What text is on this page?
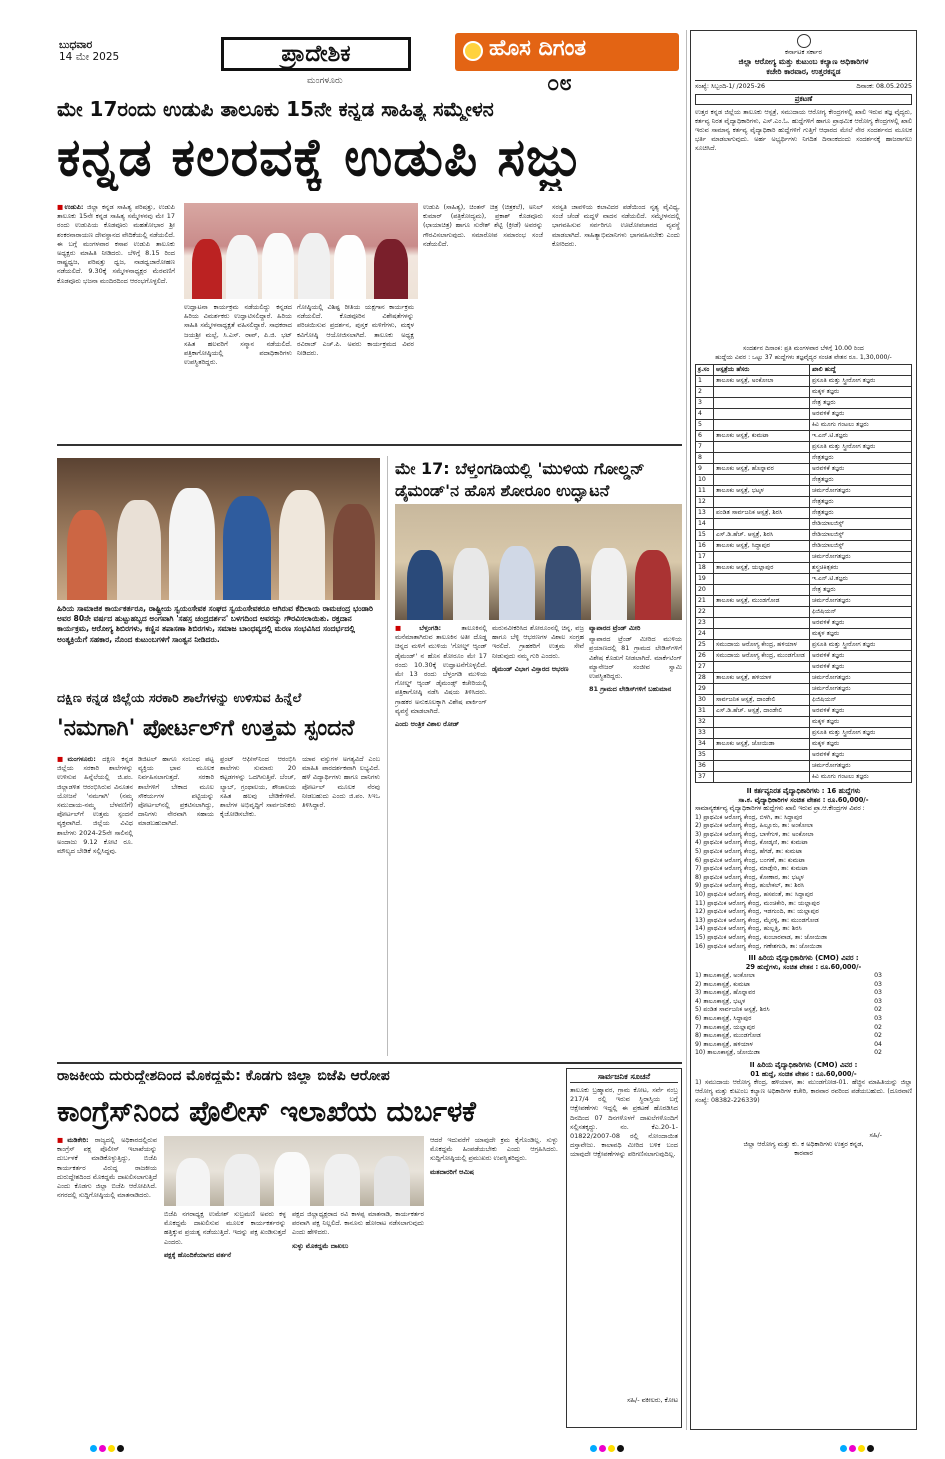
ಬುಧವಾರ
14 ಮೇ 2025	ಪ್ರಾದೇಶಿಕ
ಮಂಗಳೂರು
ಹೊಸ ದಿಗಂತ
೦೮
ಮೇ 17ರಂದು ಉಡುಪಿ ತಾಲೂಕು 15ನೇ ಕನ್ನಡ ಸಾಹಿತ್ಯ ಸಮ್ಮೇಳನ
ಕನ್ನಡ ಕಲರವಕ್ಕೆ ಉಡುಪಿ ಸಜ್ಜು
■ಉಡುಪಿ: ಜಿಲ್ಲಾ ಕನ್ನಡ ಸಾಹಿತ್ಯ ಪರಿಷತ್ತು, ಉಡುಪಿ ತಾಲೂಕು 15ನೇ ಕನ್ನಡ ಸಾಹಿತ್ಯ ಸಮ್ಮೇಳನವು ಮೇ 17 ರಂದು ಉಡುಪಿಯ ಕೊಡವೂರು ಮಹತೋಭಾರ ಶ್ರೀ ಶಂಕರನಾರಾಯಣ ದೇವಸ್ಥಾನದ ವೇದಿಕೆಯಲ್ಲಿ ನಡೆಯಲಿದೆ. ಈ ಬಗ್ಗೆ ಮಂಗಳವಾರ ಕಸಾಪ ಉಡುಪಿ ತಾಲೂಕು ಅಧ್ಯಕ್ಷರು ಮಾಹಿತಿ ನೀಡಿದರು. ಬೆಳಿಗ್ಗೆ 8.15 ರಿಂದ ರಾಷ್ಟ್ರಧ್ವಜ, ಪರಿಷತ್ತು ಧ್ವಜ, ನಾಡಧ್ವಜಾರೋಹಣ ನಡೆಯಲಿದೆ. 9.30ಕ್ಕೆ ಸಮ್ಮೇಳನಾಧ್ಯಕ್ಷರ ಮೆರವಣಿಗೆ ಕೊಡವೂರು ಭಜನಾ ಮಂದಿರದಿಂದ ಆರಂಭಗೊಳ್ಳಲಿದೆ.
ಉದ್ಘಾಟನಾ ಕಾರ್ಯಕ್ರಮ ನಡೆಯಲಿದ್ದು ಕನ್ನಡದ ಹಿರಿಯ ವಿಮರ್ಶಕರು ಉದ್ಘಾಟಿಸಲಿದ್ದಾರೆ. ಹಿರಿಯ ಸಾಹಿತಿ ಸಮ್ಮೇಳನಾಧ್ಯಕ್ಷತೆ ವಹಿಸಲಿದ್ದಾರೆ. ಸಾಧಕರಾದ ಜಯಶ್ರೀ ಮಲ್ಪೆ, ಸಿ.ಎಸ್. ರಾವ್, ಪಿ.ಜಿ. ಭಟ್ ಸಹಿತ ಹಲವರಿಗೆ ಸನ್ಮಾನ ನಡೆಯಲಿದೆ. ಪತ್ರಿಕಾಗೋಷ್ಠಿಯಲ್ಲಿ ಪದಾಧಿಕಾರಿಗಳು ಉಪಸ್ಥಿತರಿದ್ದರು.
ಗೋಷ್ಠಿಯಲ್ಲಿ ವಿಶಿಷ್ಟ ರೀತಿಯ ಯಕ್ಷಗಾನ ಕಾರ್ಯಕ್ರಮ ನಡೆಯಲಿದೆ. ಕೊಡವೂರಿನ ವಿಶೇಷತೆಗಳನ್ನು ಪರಿಚಯಿಸುವ ಪ್ರದರ್ಶನ, ಪುಸ್ತಕ ಮಳಿಗೆಗಳು, ಮಕ್ಕಳ ಕವಿಗೋಷ್ಠಿ ಆಯೋಜಿಸಲಾಗಿದೆ. ತಾಲೂಕು ಅಧ್ಯಕ್ಷ ರವಿರಾಜ್ ಎಚ್.ಪಿ. ಅವರು ಕಾರ್ಯಕ್ರಮದ ವಿವರ ನೀಡಿದರು.
ಉಡುಪಿ (ಸಾಹಿತ್ಯ), ಚಿಂತನ್ ಚಿತ್ರ (ಚಿತ್ರಕಲೆ), ಅನಿಲ್ ಕುಮಾರ್ (ಪತ್ರಿಕೋದ್ಯಮ), ಪ್ರಕಾಶ್ ಕೊಡವೂರು (ಛಾಯಾಚಿತ್ರ) ಹಾಗೂ ಸುರೇಶ್ ಶೆಟ್ಟಿ (ಕ್ರೀಡೆ) ಅವರನ್ನು ಗೌರವಿಸಲಾಗುವುದು. ಸಮಾರೋಪ ಸಮಾರಂಭ ಸಂಜೆ ನಡೆಯಲಿದೆ.
ಸರಸ್ವತಿ ಜಾವಳಿಯ ಕಲಾವಿದರ ಪಡೆಯಿಂದ ನೃತ್ಯ ವೈವಿಧ್ಯ, ಸಂಜೆ ಚೆಂಡೆ ಮದ್ದಳೆ ವಾದನ ನಡೆಯಲಿದೆ. ಸಮ್ಮೇಳನದಲ್ಲಿ ಭಾಗವಹಿಸುವ ಸರ್ವರಿಗೂ ಊಟೋಪಚಾರದ ವ್ಯವಸ್ಥೆ ಮಾಡಲಾಗಿದೆ. ಸಾಹಿತ್ಯಾಭಿಮಾನಿಗಳು ಭಾಗವಹಿಸಬೇಕು ಎಂದು ಕೋರಿದರು.
ಹಿರಿಯ ಸಾಮಾಜಿಕ ಕಾರ್ಯಕರ್ತರೂ, ರಾಷ್ಟ್ರೀಯ ಸ್ವಯಂಸೇವಕ ಸಂಘದ ಸ್ವಯಂಸೇವಕರೂ ಆಗಿರುವ ಕೆದಿಲಾಯ ರಾಮಚಂದ್ರ ಭಂಡಾರಿ ಅವರ 80ನೇ ವರ್ಷದ ಹುಟ್ಟುಹಬ್ಬದ ಅಂಗವಾಗಿ 'ಸಹಸ್ರ ಚಂದ್ರದರ್ಶನ' ಬಳಗದಿಂದ ಅವರನ್ನು ಗೌರವಿಸಲಾಯಿತು. ರಕ್ತದಾನ ಕಾರ್ಯಕ್ರಮ, ಆರೋಗ್ಯ ಶಿಬಿರಗಳು, ಕಣ್ಣಿನ ತಪಾಸಣಾ ಶಿಬಿರಗಳು, ಸಮಾಜ ಬಾಂಧವ್ಯದಲ್ಲಿ ಮರಣ ಸಂಭವಿಸಿದ ಸಂದರ್ಭದಲ್ಲಿ ಅಂತ್ಯಕ್ರಿಯೆಗೆ ಸಹಕಾರ, ನೊಂದ ಕುಟುಂಬಗಳಿಗೆ ಸಾಂತ್ವನ ನೀಡಿದರು.
ಮೇ 17: ಬೆಳ್ತಂಗಡಿಯಲ್ಲಿ 'ಮುಳಿಯ ಗೋಲ್ಡನ್ ಡೈಮಂಡ್'ನ ಹೊಸ ಶೋರೂಂ ಉದ್ಘಾಟನೆ
■ಬೆಳ್ತಂಗಡಿ:	ತಾಲೂಕಿನಲ್ಲಿ ಮನೆಮಾತಾಗಿರುವ ತಾಲೂಕಿನ ಅತೀ ದೊಡ್ಡ ಚಿನ್ನದ ಮಳಿಗೆ ಮುಳಿಯ 'ಗೋಲ್ಡ್ ಆ್ಯಂಡ್ ಡೈಮಂಡ್' ನ ಹೊಸ ಶೋರೂಂ ಮೇ 17 ರಂದು 10.30ಕ್ಕೆ ಉದ್ಘಾಟನೆಗೊಳ್ಳಲಿದೆ. ಮೇ 13 ರಂದು ಬೆಳ್ತಂಗಡಿ ಮುಳಿಯ ಗೋಲ್ಡ್ ಆ್ಯಂಡ್ ಡೈಮಂಡ್ಸ್ ಕಚೇರಿಯಲ್ಲಿ ಪತ್ರಿಕಾಗೋಷ್ಠಿ ನಡೆಸಿ ವಿಷಯ ತಿಳಿಸಿದರು. ಗ್ರಾಹಕರ ಅನುಕೂಲಕ್ಕಾಗಿ ವಿಶೇಷ ಪಾರ್ಕಿಂಗ್ ವ್ಯವಸ್ಥೆ ಮಾಡಲಾಗಿದೆ.

ಎಂದು ಆಂತ್ರಿಕ ವಿಶಾಲ ರೋಡ್

ಮರುನವೀಕರಿಸಿದ ಶೋರೂಂನಲ್ಲಿ ಚಿನ್ನ, ವಜ್ರ ಹಾಗೂ ಬೆಳ್ಳಿ ಆಭರಣಗಳ ವಿಶಾಲ ಸಂಗ್ರಹ ಇರಲಿದೆ. ಗ್ರಾಹಕರಿಗೆ ಉತ್ತಮ ಸೇವೆ ನೀಡುವುದು ನಮ್ಮ ಗುರಿ ಎಂದರು.

ಡೈಮಂಡ್ ವಿಭಾಗ ವಿಸ್ತಾರದ ಆಭರಣ

ವ್ಯಾಪಾರದ ಟ್ರೆಂಡ್ ಮೀರಿ

ವ್ಯಾಪಾರದ ಟ್ರೆಂಡ್ ಮೀರಿದ ಮುಳಿಯ ಪ್ರಯಾಣದಲ್ಲಿ 81 ಗ್ರಾಮದ ಲೇಡಿಸ್‌ಗಳಿಗೆ ವಿಶೇಷ ಕೊಡುಗೆ ನೀಡಲಾಗಿದೆ. ಮಾರ್ಕೆಟಿಂಗ್ ಮ್ಯಾನೇಜರ್ ಸಂಜೀವ ಸ್ವಾಮಿ ಉಪಸ್ಥಿತರಿದ್ದರು.

81 ಗ್ರಾಮದ ಲೇಡಿಸ್‌ಗಳಿಗೆ ಬಹುಮಾನ

ದಕ್ಷಿಣ ಕನ್ನಡ ಜಿಲ್ಲೆಯ ಸರಕಾರಿ ಶಾಲೆಗಳನ್ನು ಉಳಿಸುವ ಹಿನ್ನೆಲೆ
'ನಮಗಾಗಿ' ಪೋರ್ಟಲ್‌ಗೆ ಉತ್ತಮ ಸ್ಪಂದನೆ
■ಮಂಗಳೂರು: ದಕ್ಷಿಣ ಕನ್ನಡ ಜಿಲ್ಲೆಯ ಸರಕಾರಿ ಶಾಲೆಗಳನ್ನು ಉಳಿಸುವ ಹಿನ್ನೆಲೆಯಲ್ಲಿ ಜಿ.ಪಂ. ಜಿಲ್ಲಾಡಳಿತ ಆರಂಭಿಸಿರುವ ವಿನೂತನ ಯೋಜನೆ 'ನಮಗಾಗಿ' (ನಮ್ಮ ಸಮುದಾಯ-ನಮ್ಮ ಬೆಳವಣಿಗೆ) ಪೋರ್ಟಲ್‌ಗೆ ಉತ್ತಮ ಸ್ಪಂದನೆ ವ್ಯಕ್ತವಾಗಿದೆ. ಜಿಲ್ಲೆಯ ವಿವಿಧ ಶಾಲೆಗಳು 2024-25ನೇ ಸಾಲಿನಲ್ಲಿ ಅಂದಾಜು 9.12 ಕೋಟಿ ರೂ. ಮೌಲ್ಯದ ಬೇಡಿಕೆ ಸಲ್ಲಿಸಿದ್ದವು.
ಡಿಜಿಟಲ್ ಹಾಗೂ ಸಂಬಂಧ ಪಟ್ಟ ವ್ಯಕ್ತಿಯ ಭಾವ ಮೂಲಕ ನಿರ್ವಹಿಸಲಾಗುತ್ತದೆ. ಸರಕಾರಿ ಶಾಲೆಗಳಿಗೆ ಬೇಕಾದ ಮೂಲ ಸೌಕರ್ಯಗಳ ಪಟ್ಟಿಯನ್ನು ಪೋರ್ಟಲ್‌ನಲ್ಲಿ ಪ್ರಕಟಿಸಲಾಗಿದ್ದು, ದಾನಿಗಳು ನೇರವಾಗಿ ಸಹಾಯ ಮಾಡಬಹುದಾಗಿದೆ.
ಫ್ರಂಟ್ ಆಫೀಸ್‌ನಿಂದ ಆರಂಭಿಸಿ ಶಾಲೆಗಳು ಸುಮಾರು 20 ಕಟ್ಟಡಗಳನ್ನು ಒದಗಿಸುತ್ತಿವೆ. ಬೆಂಚ್, ಲ್ಯಾಬ್, ಗ್ರಂಥಾಲಯ, ಶೌಚಾಲಯ ಸಹಿತ ಹಲವು ಬೇಡಿಕೆಗಳಿವೆ. ಶಾಲೆಗಳ ಅಭಿವೃದ್ಧಿಗೆ ಸಾರ್ವಜನಿಕರು ಕೈಜೋಡಿಸಬೇಕು.
ಯಾವ ವಸ್ತುಗಳ ಅಗತ್ಯವಿದೆ ಎಂಬ ಮಾಹಿತಿ ಪಾರದರ್ಶಕವಾಗಿ ಲಭ್ಯವಿದೆ. ಹಳೆ ವಿದ್ಯಾರ್ಥಿಗಳು ಹಾಗೂ ದಾನಿಗಳು ಪೋರ್ಟಲ್ ಮೂಲಕ ನೆರವು ನೀಡಬಹುದು ಎಂದು ಜಿ.ಪಂ. ಸಿಇಒ ತಿಳಿಸಿದ್ದಾರೆ.
ರಾಜಕೀಯ ದುರುದ್ದೇಶದಿಂದ ಮೊಕದ್ದಮೆ: ಕೊಡಗು ಜಿಲ್ಲಾ ಬಿಜೆಪಿ ಆರೋಪ
ಕಾಂಗ್ರೆಸ್‌ನಿಂದ ಪೊಲೀಸ್ ಇಲಾಖೆಯ ದುರ್ಬಳಕೆ
■ಮಡಿಕೇರಿ: ರಾಜ್ಯದಲ್ಲಿ ಅಧಿಕಾರದಲ್ಲಿರುವ ಕಾಂಗ್ರೆಸ್ ಪಕ್ಷ ಪೊಲೀಸ್ ಇಲಾಖೆಯನ್ನು ದುರ್ಬಳಕೆ ಮಾಡಿಕೊಳ್ಳುತ್ತಿದ್ದು, ಬಿಜೆಪಿ ಕಾರ್ಯಕರ್ತರ ವಿರುದ್ಧ ರಾಜಕೀಯ ದುರುದ್ದೇಶದಿಂದ ಮೊಕದ್ದಮೆ ದಾಖಲಿಸಲಾಗುತ್ತಿದೆ ಎಂದು ಕೊಡಗು ಜಿಲ್ಲಾ ಬಿಜೆಪಿ ಆರೋಪಿಸಿದೆ. ನಗರದಲ್ಲಿ ಸುದ್ದಿಗೋಷ್ಠಿಯಲ್ಲಿ ಮಾತನಾಡಿದರು.
ಬಿಜೆಪಿ ನಗರಾಧ್ಯಕ್ಷ ಉಮೇಶ್ ಸುಬ್ರಮಣಿ ಅವರು ಕಳ್ಳ ಮೊಕದ್ದಮೆ ದಾಖಲಿಸುವ ಮೂಲಕ ಕಾರ್ಯಕರ್ತರನ್ನು ಹತ್ತಿಕ್ಕುವ ಪ್ರಯತ್ನ ನಡೆಯುತ್ತಿದೆ. ಇದನ್ನು ಪಕ್ಷ ಖಂಡಿಸುತ್ತದೆ ಎಂದರು.

ಪಕ್ಷಕ್ಕೆ ಹೊಂದಿಕೆಯಾಗದ ವರ್ತನೆ

ಪಕ್ಷದ ಜಿಲ್ಲಾಧ್ಯಕ್ಷರಾದ ರವಿ ಕಾಳಪ್ಪ ಮಾತನಾಡಿ, ಕಾರ್ಯಕರ್ತರ ಪರವಾಗಿ ಪಕ್ಷ ನಿಲ್ಲಲಿದೆ. ಕಾನೂನು ಹೋರಾಟ ನಡೆಸಲಾಗುವುದು ಎಂದು ಹೇಳಿದರು.

ಸುಳ್ಳು ಮೊಕದ್ದಮೆ ದಾಖಲು

ಆದರೆ ಇದುವರೆಗೆ ಯಾವುದೇ ಕ್ರಮ ಕೈಗೊಂಡಿಲ್ಲ. ಸುಳ್ಳು ಮೊಕದ್ದಮೆ ಹಿಂಪಡೆಯಬೇಕು ಎಂದು ಆಗ್ರಹಿಸಿದರು. ಸುದ್ದಿಗೋಷ್ಠಿಯಲ್ಲಿ ಪ್ರಮುಖರು ಉಪಸ್ಥಿತರಿದ್ದರು.

ಮತದಾರರಿಗೆ ಆಮಿಷ

ಸಾರ್ವಜನಿಕ ಸೂಚನೆ
ತಾಲೂಕು ಬ್ರಹ್ಮಾವರ, ಗ್ರಾಮ ಕೋಟ, ಸರ್ವೆ ನಂಬ್ರ 217/4 ರಲ್ಲಿ ಇರುವ ಸ್ಥಿರಾಸ್ತಿಯ ಬಗ್ಗೆ ಆಕ್ಷೇಪಣೆಗಳು ಇದ್ದಲ್ಲಿ ಈ ಪ್ರಕಟಣೆ ಹೊರಡಿಸಿದ ದಿನದಿಂದ 07 ದಿನಗಳೊಳಗೆ ದಾಖಲೆಗಳೊಂದಿಗೆ ಸಲ್ಲಿಸತಕ್ಕದ್ದು. ನಂ. ಕೆಎ.20-1-01822/2007-08 ರಲ್ಲಿ ನೋಂದಾಯಿತ ದಸ್ತಾವೇಜು. ಕಾಲಾವಧಿ ಮೀರಿದ ಬಳಿಕ ಬಂದ ಯಾವುದೇ ಆಕ್ಷೇಪಣೆಗಳನ್ನು ಪರಿಗಣಿಸಲಾಗುವುದಿಲ್ಲ.
ಸಹಿ/- ವಕೀಲರು, ಕೋಟ
ಕರ್ನಾಟಕ ಸರ್ಕಾರ
ಜಿಲ್ಲಾ ಆರೋಗ್ಯ ಮತ್ತು ಕುಟುಂಬ ಕಲ್ಯಾಣ ಅಧಿಕಾರಿಗಳ
ಕಚೇರಿ ಕಾರವಾರ, ಉತ್ತರಕನ್ನಡ
ಸಂಖ್ಯೆ: ಸಿಬ್ಬಂದಿ-1/ /2025-26	ದಿನಾಂಕ: 08.05.2025
ಪ್ರಕಟಣೆ
ಉತ್ತರ ಕನ್ನಡ ಜಿಲ್ಲೆಯ ತಾಲೂಕು ಆಸ್ಪತ್ರೆ, ಸಮುದಾಯ ಆರೋಗ್ಯ ಕೇಂದ್ರಗಳಲ್ಲಿ ಖಾಲಿ ಇರುವ ತಜ್ಞ ವೈದ್ಯರು, ಕರ್ತವ್ಯ ನಿರತ ವೈದ್ಯಾಧಿಕಾರಿಗಳು, ಎಸ್.ಎಂ.ಓ. ಹುದ್ದೆಗಳಿಗೆ ಹಾಗೂ ಪ್ರಾಥಮಿಕ ಆರೋಗ್ಯ ಕೇಂದ್ರಗಳಲ್ಲಿ ಖಾಲಿ ಇರುವ ಸಾಮಾನ್ಯ ಕರ್ತವ್ಯ ವೈದ್ಯಾಧಿಕಾರಿ ಹುದ್ದೆಗಳಿಗೆ ಗುತ್ತಿಗೆ ಆಧಾರದ ಮೇಲೆ ನೇರ ಸಂದರ್ಶನದ ಮೂಲಕ ಭರ್ತಿ ಮಾಡಲಾಗುವುದು. ಅರ್ಹ ಅಭ್ಯರ್ಥಿಗಳು ನಿಗದಿತ ದಿನಾಂಕದಂದು ಸಂದರ್ಶನಕ್ಕೆ ಹಾಜರಾಗಲು ಸೂಚಿಸಿದೆ.
ಸಂದರ್ಶನ ದಿನಾಂಕ: ಪ್ರತಿ ಮಂಗಳವಾರ ಬೆಳಿಗ್ಗೆ 10.00 ರಿಂದ
ಹುದ್ದೆಯ ವಿವರ : ಒಟ್ಟು 37 ಹುದ್ದೆಗಳು ತಜ್ಞವೈದ್ಯರ ಸಂಚಿತ ವೇತನ ರೂ. 1,30,000/-
ಕ್ರ.ಸಂ	ಆಸ್ಪತ್ರೆಯ ಹೆಸರು	ಖಾಲಿ ಹುದ್ದೆ
1	ತಾಲೂಕು ಆಸ್ಪತ್ರೆ, ಅಂಕೋಲಾ	ಪ್ರಸೂತಿ ಮತ್ತು ಸ್ತ್ರೀರೋಗ ತಜ್ಞರು
2		ಮಕ್ಕಳ ತಜ್ಞರು
3		ನೇತ್ರ ತಜ್ಞರು
4		ಅರವಳಿಕೆ ತಜ್ಞರು
5		ಕಿವಿ ಮೂಗು ಗಂಟಲು ತಜ್ಞರು
6	ತಾಲೂಕು ಆಸ್ಪತ್ರೆ, ಕುಮಟಾ	ಇ.ಎನ್.ಟಿ.ತಜ್ಞರು
7		ಪ್ರಸೂತಿ ಮತ್ತು ಸ್ತ್ರೀರೋಗ ತಜ್ಞರು
8		ನೇತ್ರತಜ್ಞರು
9	ತಾಲೂಕು ಆಸ್ಪತ್ರೆ, ಹೊನ್ನಾವರ	ಅರವಳಿಕೆ ತಜ್ಞರು
10		ನೇತ್ರತಜ್ಞರು
11	ತಾಲೂಕು ಆಸ್ಪತ್ರೆ, ಭಟ್ಕಳ	ಚರ್ಮರೋಗತಜ್ಞರು
12		ನೇತ್ರತಜ್ಞರು
13	ಪಂಡಿತ ಸಾರ್ವಜನಿಕ ಆಸ್ಪತ್ರೆ, ಶಿರಸಿ	ನೇತ್ರತಜ್ಞರು
14		ರೇಡಿಯಾಲಜಿಸ್ಟ್
15	ಎಸ್.ಡಿ.ಹೆಚ್. ಆಸ್ಪತ್ರೆ, ಶಿರಸಿ	ರೇಡಿಯಾಲಜಿಸ್ಟ್
16	ತಾಲೂಕು ಆಸ್ಪತ್ರೆ, ಸಿದ್ದಾಪುರ	ರೇಡಿಯಾಲಜಿಸ್ಟ್
17		ಚರ್ಮರೋಗತಜ್ಞರು
18	ತಾಲೂಕು ಆಸ್ಪತ್ರೆ, ಯಲ್ಲಾಪುರ	ಶಸ್ತ್ರಚಿಕಿತ್ಸಕರು
19		ಇ.ಎನ್.ಟಿ.ತಜ್ಞರು
20		ನೇತ್ರ ತಜ್ಞರು
21	ತಾಲೂಕು ಆಸ್ಪತ್ರೆ, ಮುಂಡಗೋಡ	ಚರ್ಮರೋಗತಜ್ಞರು
22		ಫಿಜಿಷಿಯನ್
23		ಅರವಳಿಕೆ ತಜ್ಞರು
24		ಮಕ್ಕಳ ತಜ್ಞರು
25	ಸಮುದಾಯ ಆರೋಗ್ಯ ಕೇಂದ್ರ, ಹಳಿಯಾಳ	ಪ್ರಸೂತಿ ಮತ್ತು ಸ್ತ್ರೀರೋಗ ತಜ್ಞರು
26	ಸಮುದಾಯ ಆರೋಗ್ಯ ಕೇಂದ್ರ, ಮುಂಡಗೋಡ	ಅರವಳಿಕೆ ತಜ್ಞರು
27		ಅರವಳಿಕೆ ತಜ್ಞರು
28	ತಾಲೂಕು ಆಸ್ಪತ್ರೆ, ಹಳಿಯಾಳ	ಚರ್ಮರೋಗತಜ್ಞರು
29		ಚರ್ಮರೋಗತಜ್ಞರು
30	ಸಾರ್ವಜನಿಕ ಆಸ್ಪತ್ರೆ, ದಾಂಡೇಲಿ	ಫಿಜಿಷಿಯನ್
31	ಎಸ್.ಡಿ.ಹೆಚ್. ಆಸ್ಪತ್ರೆ, ದಾಂಡೇಲಿ	ಅರವಳಿಕೆ ತಜ್ಞರು
32		ಮಕ್ಕಳ ತಜ್ಞರು
33		ಪ್ರಸೂತಿ ಮತ್ತು ಸ್ತ್ರೀರೋಗ ತಜ್ಞರು
34	ತಾಲೂಕು ಆಸ್ಪತ್ರೆ, ಜೋಯಿಡಾ	ಮಕ್ಕಳ ತಜ್ಞರು
35		ಅರವಳಿಕೆ ತಜ್ಞರು
36		ಚರ್ಮರೋಗತಜ್ಞರು
37		ಕಿವಿ ಮೂಗು ಗಂಟಲು ತಜ್ಞರು
II ಕರ್ತವ್ಯನಿರತ ವೈದ್ಯಾಧಿಕಾರಿಗಳು : 16 ಹುದ್ದೆಗಳು
ಸಾ.ಕ. ವೈದ್ಯಾಧಿಕಾರಿಗಳ ಸಂಚಿತ ವೇತನ : ರೂ.60,000/-
ಸಾಮಾನ್ಯಕರ್ತವ್ಯ ವೈದ್ಯಾಧಿಕಾರಿಗಳ ಹುದ್ದೆಗಳು ಖಾಲಿ ಇರುವ ಪ್ರಾ.ಆ.ಕೇಂದ್ರಗಳ ವಿವರ :
1) ಪ್ರಾಥಮಿಕ ಆರೋಗ್ಯ ಕೇಂದ್ರ, ಬಿಳಗಿ, ತಾ: ಸಿದ್ದಾಪುರ
2) ಪ್ರಾಥಮಿಕ ಆರೋಗ್ಯ ಕೇಂದ್ರ, ಹಿಲ್ಲೂರು, ತಾ: ಅಂಕೋಲಾ
3) ಪ್ರಾಥಮಿಕ ಆರೋಗ್ಯ ಕೇಂದ್ರ, ಬಾಳೆಗುಳಿ, ತಾ: ಅಂಕೋಲಾ
4) ಪ್ರಾಥಮಿಕ ಆರೋಗ್ಯ ಕೇಂದ್ರ, ಕೋಡ್ಕಣಿ, ತಾ: ಕುಮಟಾ
5) ಪ್ರಾಥಮಿಕ ಆರೋಗ್ಯ ಕೇಂದ್ರ, ಹೆಗಡೆ, ತಾ: ಕುಮಟಾ
6) ಪ್ರಾಥಮಿಕ ಆರೋಗ್ಯ ಕೇಂದ್ರ, ಬಂಗಣೆ, ತಾ: ಕುಮಟಾ
7) ಪ್ರಾಥಮಿಕ ಆರೋಗ್ಯ ಕೇಂದ್ರ, ಮಾಡ್ಗೇರಿ, ತಾ: ಕುಮಟಾ
8) ಪ್ರಾಥಮಿಕ ಆರೋಗ್ಯ ಕೇಂದ್ರ, ಕೋಣಾರ, ತಾ: ಭಟ್ಕಳ
9) ಪ್ರಾಥಮಿಕ ಆರೋಗ್ಯ ಕೇಂದ್ರ, ಹುಲೇಕಲ್, ತಾ: ಶಿರಸಿ
10) ಪ್ರಾಥಮಿಕ ಆರೋಗ್ಯ ಕೇಂದ್ರ, ಹಸವಂತೆ, ತಾ: ಸಿದ್ದಾಪುರ
11) ಪ್ರಾಥಮಿಕ ಆರೋಗ್ಯ ಕೇಂದ್ರ, ಮಂಚಿಕೇರಿ, ತಾ: ಯಲ್ಲಾಪುರ
12) ಪ್ರಾಥಮಿಕ ಆರೋಗ್ಯ ಕೇಂದ್ರ, ಇಡಗುಂದಿ, ತಾ: ಯಲ್ಲಾಪುರ
13) ಪ್ರಾಥಮಿಕ ಆರೋಗ್ಯ ಕೇಂದ್ರ, ಮೈನಳ್ಳಿ, ತಾ: ಮುಂಡಗೋಡ
14) ಪ್ರಾಥಮಿಕ ಆರೋಗ್ಯ ಕೇಂದ್ರ, ಹುಲ್ಲತ್ತಿ, ತಾ: ಶಿರಸಿ
15) ಪ್ರಾಥಮಿಕ ಆರೋಗ್ಯ ಕೇಂದ್ರ, ಕುಂಬಾರವಾಡ, ತಾ: ಜೋಯಿಡಾ
16) ಪ್ರಾಥಮಿಕ ಆರೋಗ್ಯ ಕೇಂದ್ರ, ಗಣೇಶಗುಡಿ, ತಾ: ಜೋಯಿಡಾ
III ಹಿರಿಯ ವೈದ್ಯಾಧಿಕಾರಿಗಳು (CMO) ವಿವರ :
29 ಹುದ್ದೆಗಳು, ಸಂಚಿತ ವೇತನ : ರೂ.60,000/-
1) ತಾಲೂಕಾಸ್ಪತ್ರೆ, ಅಂಕೋಲಾ	03
2) ತಾಲೂಕಾಸ್ಪತ್ರೆ, ಕುಮಟಾ	03
3) ತಾಲೂಕಾಸ್ಪತ್ರೆ, ಹೊನ್ನಾವರ	03
4) ತಾಲೂಕಾಸ್ಪತ್ರೆ, ಭಟ್ಕಳ	03
5) ಪಂಡಿತ ಸಾರ್ವಜನಿಕ ಆಸ್ಪತ್ರೆ, ಶಿರಸಿ	02
6) ತಾಲೂಕಾಸ್ಪತ್ರೆ, ಸಿದ್ದಾಪುರ	03
7) ತಾಲೂಕಾಸ್ಪತ್ರೆ, ಯಲ್ಲಾಪುರ	02
8) ತಾಲೂಕಾಸ್ಪತ್ರೆ, ಮುಂಡಗೋಡ	02
9) ತಾಲೂಕಾಸ್ಪತ್ರೆ, ಹಳಿಯಾಳ	04
10) ತಾಲೂಕಾಸ್ಪತ್ರೆ, ಜೋಯಿಡಾ	02
II ಹಿರಿಯ ವೈದ್ಯಾಧಿಕಾರಿಗಳು (CMO) ವಿವರ :
01 ಹುದ್ದೆ, ಸಂಚಿತ ವೇತನ : ರೂ.60,000/-
1) ಸಮುದಾಯ ಆರೋಗ್ಯ ಕೇಂದ್ರ, ಹಳಿಯಾಳ, ತಾ: ಮುಂಡಗೋಡ-01. ಹೆಚ್ಚಿನ ಮಾಹಿತಿಯನ್ನು ಜಿಲ್ಲಾ ಆರೋಗ್ಯ ಮತ್ತು ಕುಟುಂಬ ಕಲ್ಯಾಣ ಅಧಿಕಾರಿಗಳ ಕಚೇರಿ, ಕಾರವಾರ ರವರಿಂದ ಪಡೆಯಬಹುದು. (ದೂರವಾಣಿ ಸಂಖ್ಯೆ: 08382-226339)
ಸಹಿ/-
ಜಿಲ್ಲಾ ಆರೋಗ್ಯ ಮತ್ತು ಕು. ಕ ಅಧಿಕಾರಿಗಳು ಉತ್ತರ ಕನ್ನಡ,
ಕಾರವಾರ
